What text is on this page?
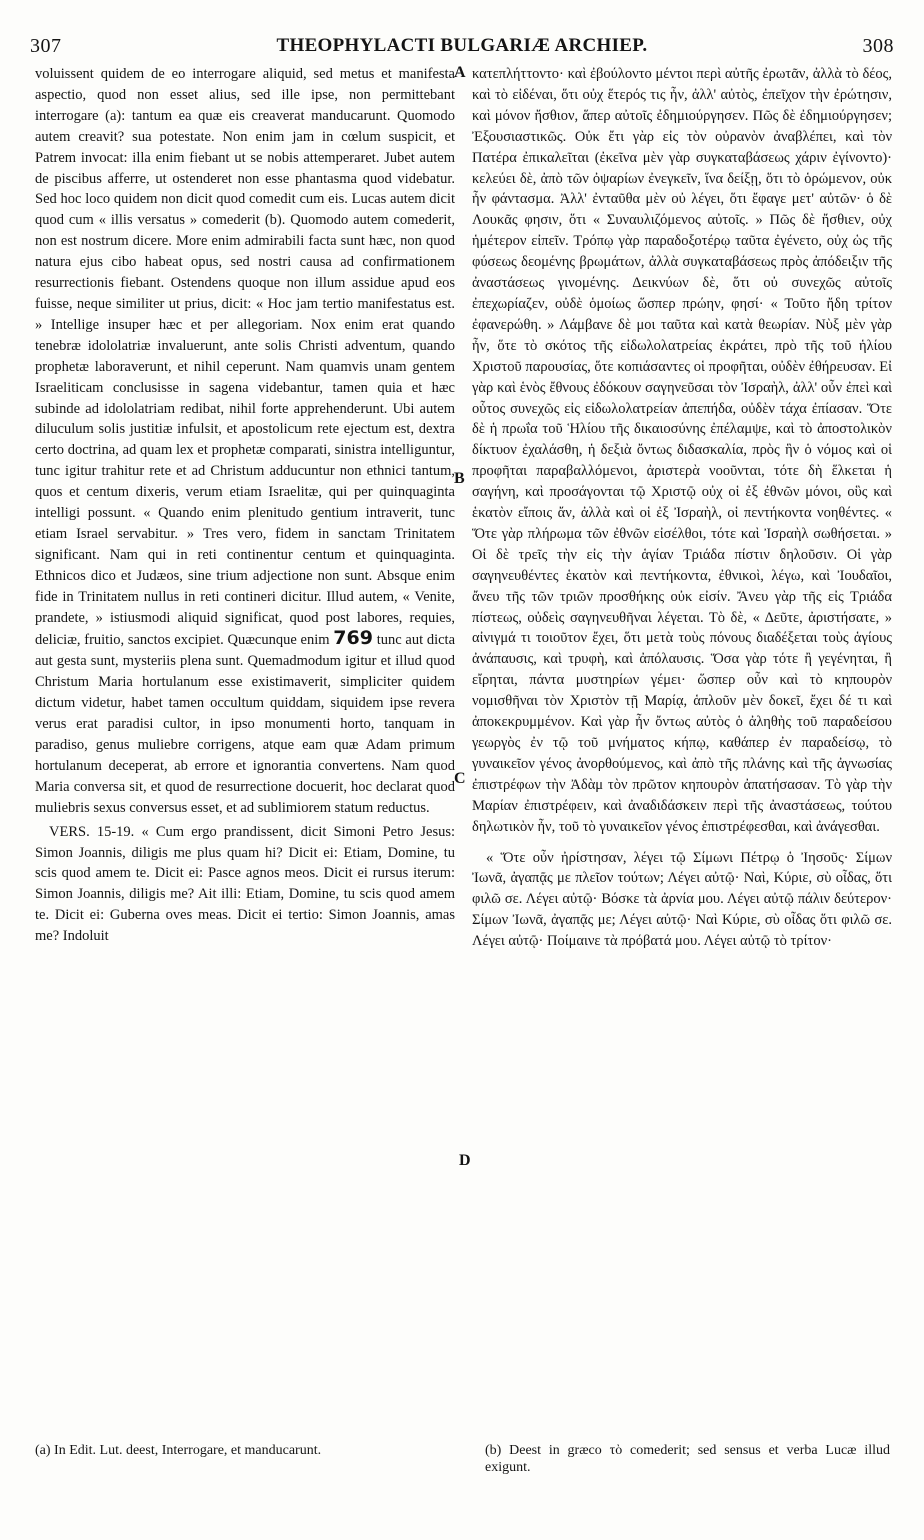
307	THEOPHYLACTI BULGARIÆ ARCHIEP.	308

voluissent quidem de eo interrogare aliquid, sed metus et manifesta aspectio, quod non esset alius, sed ille ipse, non permittebant interrogare (a): tantum ea quæ eis creaverat manducarunt. Quomodo autem creavit? sua potestate. Non enim jam in cœlum suspicit, et Patrem invocat: illa enim fiebant ut se nobis attemperaret. Jubet autem de piscibus afferre, ut ostenderet non esse phantasma quod videbatur. Sed hoc loco quidem non dicit quod comedit cum eis. Lucas autem dicit quod cum « illis versatus » comederit (b). Quomodo autem comederit, non est nostrum dicere. More enim admirabili facta sunt hæc, non quod natura ejus cibo habeat opus, sed nostri causa ad confirmationem resurrectionis fiebant. Ostendens quoque non illum assidue apud eos fuisse, neque similiter ut prius, dicit: « Hoc jam tertio manifestatus est. » Intellige insuper hæc et per allegoriam. Nox enim erat quando tenebræ idololatriæ invaluerunt, ante solis Christi adventum, quando prophetæ laboraverunt, et nihil ceperunt. Nam quamvis unam gentem Israeliticam conclusisse in sagena videbantur, tamen quia et hæc subinde ad idololatriam redibat, nihil forte apprehenderunt. Ubi autem diluculum solis justitiæ infulsit, et apostolicum rete ejectum est, dextra certo doctrina, ad quam lex et prophetæ comparati, sinistra intelliguntur, tunc igitur trahitur rete et ad Christum adducuntur non ethnici tantum, quos et centum dixeris, verum etiam Israelitæ, qui per quinquaginta intelligi possunt. « Quando enim plenitudo gentium intraverit, tunc etiam Israel servabitur. » Tres vero, fidem in sanctam Trinitatem significant. Nam qui in reti continentur centum et quinquaginta. Ethnicos dico et Judæos, sine trium adjectione non sunt. Absque enim fide in Trinitatem nullus in reti contineri dicitur. Illud autem, « Venite, prandete, » istiusmodi aliquid significat, quod post labores, requies, deliciæ, fruitio, sanctos excipiet. Quæcunque enim 769 tunc aut dicta aut gesta sunt, mysteriis plena sunt. Quemadmodum igitur et illud quod Christum Maria hortulanum esse existimaverit, simpliciter quidem dictum videtur, habet tamen occultum quiddam, siquidem ipse revera verus erat paradisi cultor, in ipso monumenti horto, tanquam in paradiso, genus muliebre corrigens, atque eam quæ Adam primum hortulanum deceperat, ab errore et ignorantia convertens. Nam quod Maria conversa sit, et quod de resurrectione docuerit, hoc declarat quod muliebris sexus conversus esset, et ad sublimiorem statum reductus.

VERS. 15-19. « Cum ergo prandissent, dicit Simoni Petro Jesus: Simon Joannis, diligis me plus quam hi? Dicit ei: Etiam, Domine, tu scis quod amem te. Dicit ei: Pasce agnos meos. Dicit ei rursus iterum: Simon Joannis, diligis me? Ait illi: Etiam, Domine, tu scis quod amem te. Dicit ei: Guberna oves meas. Dicit ei tertio: Simon Joannis, amas me? Indoluit

A
B
C
D

κατεπλήττοντο· καὶ ἐβούλοντο μέντοι περὶ αὐτῆς ἐρωτᾶν, ἀλλὰ τὸ δέος, καὶ τὸ εἰδέναι, ὅτι οὐχ ἕτερός τις ἦν, ἀλλ' αὐτὸς, ἐπεῖχον τὴν ἐρώτησιν, καὶ μόνον ἤσθιον, ἅπερ αὐτοῖς ἐδημιούργησεν. Πῶς δὲ ἐδημιούργησεν; Ἐξουσιαστικῶς. Οὐκ ἔτι γὰρ εἰς τὸν οὐρανὸν ἀναβλέπει, καὶ τὸν Πατέρα ἐπικαλεῖται (ἐκεῖνα μὲν γὰρ συγκαταβάσεως χάριν ἐγίνοντο)· κελεύει δὲ, ἀπὸ τῶν ὀψαρίων ἐνεγκεῖν, ἵνα δείξῃ, ὅτι τὸ ὁρώμενον, οὐκ ἦν φάντασμα. Ἀλλ' ἐνταῦθα μὲν οὐ λέγει, ὅτι ἔφαγε μετ' αὐτῶν· ὁ δὲ Λουκᾶς φησιν, ὅτι « Συναυλιζόμενος αὐτοῖς. » Πῶς δὲ ἤσθιεν, οὐχ ἡμέτερον εἰπεῖν. Τρόπῳ γὰρ παραδοξοτέρῳ ταῦτα ἐγένετο, οὐχ ὡς τῆς φύσεως δεομένης βρωμάτων, ἀλλὰ συγκαταβάσεως πρὸς ἀπόδειξιν τῆς ἀναστάσεως γινομένης. Δεικνύων δὲ, ὅτι οὐ συνεχῶς αὐτοῖς ἐπεχωρίαζεν, οὐδὲ ὁμοίως ὥσπερ πρώην, φησί· « Τοῦτο ἤδη τρίτον ἐφανερώθη. » Λάμβανε δὲ μοι ταῦτα καὶ κατὰ θεωρίαν. Νὺξ μὲν γὰρ ἦν, ὅτε τὸ σκότος τῆς εἰδωλολατρείας ἐκράτει, πρὸ τῆς τοῦ ἡλίου Χριστοῦ παρουσίας, ὅτε κοπιάσαντες οἱ προφῆται, οὐδὲν ἐθήρευσαν. Εἰ γὰρ καὶ ἑνὸς ἔθνους ἐδόκουν σαγηνεῦσαι τὸν Ἰσραὴλ, ἀλλ' οὖν ἐπεὶ καὶ οὗτος συνεχῶς εἰς εἰδωλολατρείαν ἀπεπήδα, οὐδὲν τάχα ἐπίασαν. Ὅτε δὲ ἡ πρωΐα τοῦ Ἡλίου τῆς δικαιοσύνης ἐπέλαμψε, καὶ τὸ ἀποστολικὸν δίκτυον ἐχαλάσθη, ἡ δεξιὰ ὄντως διδασκαλία, πρὸς ἣν ὁ νόμος καὶ οἱ προφῆται παραβαλλόμενοι, ἀριστερὰ νοοῦνται, τότε δὴ ἕλκεται ἡ σαγήνη, καὶ προσάγονται τῷ Χριστῷ οὐχ οἱ ἐξ ἐθνῶν μόνοι, οὓς καὶ ἑκατὸν εἴποις ἄν, ἀλλὰ καὶ οἱ ἐξ Ἰσραὴλ, οἱ πεντήκοντα νοηθέντες. « Ὅτε γὰρ πλήρωμα τῶν ἐθνῶν εἰσέλθοι, τότε καὶ Ἰσραὴλ σωθήσεται. » Οἱ δὲ τρεῖς τὴν εἰς τὴν ἁγίαν Τριάδα πίστιν δηλοῦσιν. Οἱ γὰρ σαγηνευθέντες ἑκατὸν καὶ πεντήκοντα, ἐθνικοὶ, λέγω, καὶ Ἰουδαῖοι, ἄνευ τῆς τῶν τριῶν προσθήκης οὐκ εἰσίν. Ἄνευ γὰρ τῆς εἰς Τριάδα πίστεως, οὐδεὶς σαγηνευθῆναι λέγεται. Τὸ δὲ, « Δεῦτε, ἀριστήσατε, » αἰνιγμά τι τοιοῦτον ἔχει, ὅτι μετὰ τοὺς πόνους διαδέξεται τοὺς ἁγίους ἀνάπαυσις, καὶ τρυφὴ, καὶ ἀπόλαυσις. Ὅσα γὰρ τότε ἢ γεγένηται, ἢ εἴρηται, πάντα μυστηρίων γέμει· ὥσπερ οὖν καὶ τὸ κηπουρὸν νομισθῆναι τὸν Χριστὸν τῇ Μαρίᾳ, ἁπλοῦν μὲν δοκεῖ, ἔχει δέ τι καὶ ἀποκεκρυμμένον. Καὶ γὰρ ἦν ὄντως αὐτὸς ὁ ἀληθὴς τοῦ παραδείσου γεωργὸς ἐν τῷ τοῦ μνήματος κήπῳ, καθάπερ ἐν παραδείσῳ, τὸ γυναικεῖον γένος ἀνορθούμενος, καὶ ἀπὸ τῆς πλάνης καὶ τῆς ἀγνωσίας ἐπιστρέφων τὴν Ἀδὰμ τὸν πρῶτον κηπουρὸν ἀπατήσασαν. Τὸ γὰρ τὴν Μαρίαν ἐπιστρέφειν, καὶ ἀναδιδάσκειν περὶ τῆς ἀναστάσεως, τούτου δηλωτικὸν ἦν, τοῦ τὸ γυναικεῖον γένος ἐπιστρέφεσθαι, καὶ ἀνάγεσθαι.

« Ὅτε οὖν ἠρίστησαν, λέγει τῷ Σίμωνι Πέτρῳ ὁ Ἰησοῦς· Σίμων Ἰωνᾶ, ἀγαπᾷς με πλεῖον τούτων; Λέγει αὐτῷ· Ναὶ, Κύριε, σὺ οἶδας, ὅτι φιλῶ σε. Λέγει αὐτῷ· Βόσκε τὰ ἀρνία μου. Λέγει αὐτῷ πάλιν δεύτερον· Σίμων Ἰωνᾶ, ἀγαπᾷς με; Λέγει αὐτῷ· Ναὶ Κύριε, σὺ οἶδας ὅτι φιλῶ σε. Λέγει αὐτῷ· Ποίμαινε τὰ πρόβατά μου. Λέγει αὐτῷ τὸ τρίτον·

(a) In Edit. Lut. deest, Interrogare, et manducarunt.	(b) Deest in græco τὸ comederit; sed sensus et verba Lucæ illud exigunt.
